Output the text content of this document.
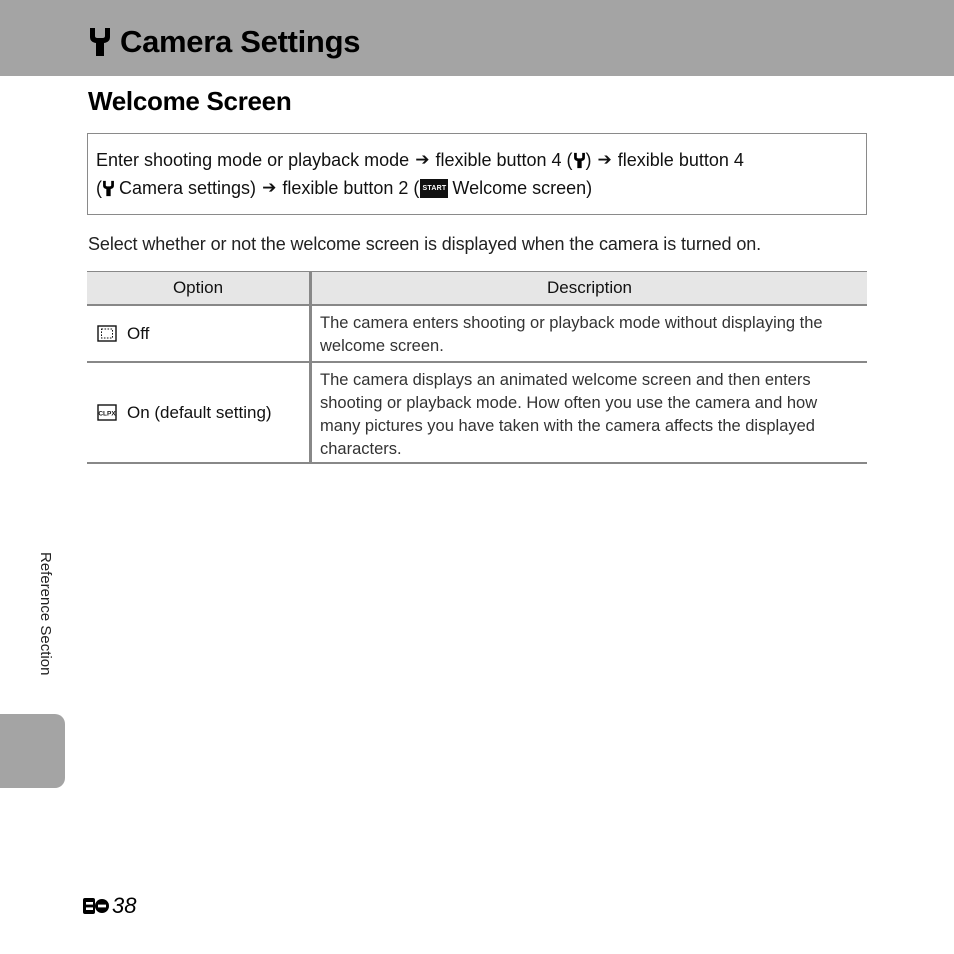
Camera Settings
Welcome Screen
Enter shooting mode or playback mode ➔ flexible button 4 ( ) ➔ flexible button 4
( Camera settings) ➔ flexible button 2 ( START Welcome screen)
Select whether or not the welcome screen is displayed when the camera is turned on.
Option	Description
Off
The camera enters shooting or playback mode without displaying the welcome screen.
CLPX On (default setting)
The camera displays an animated welcome screen and then enters shooting or playback mode. How often you use the camera and how many pictures you have taken with the camera affects the displayed characters.
Reference Section
38
